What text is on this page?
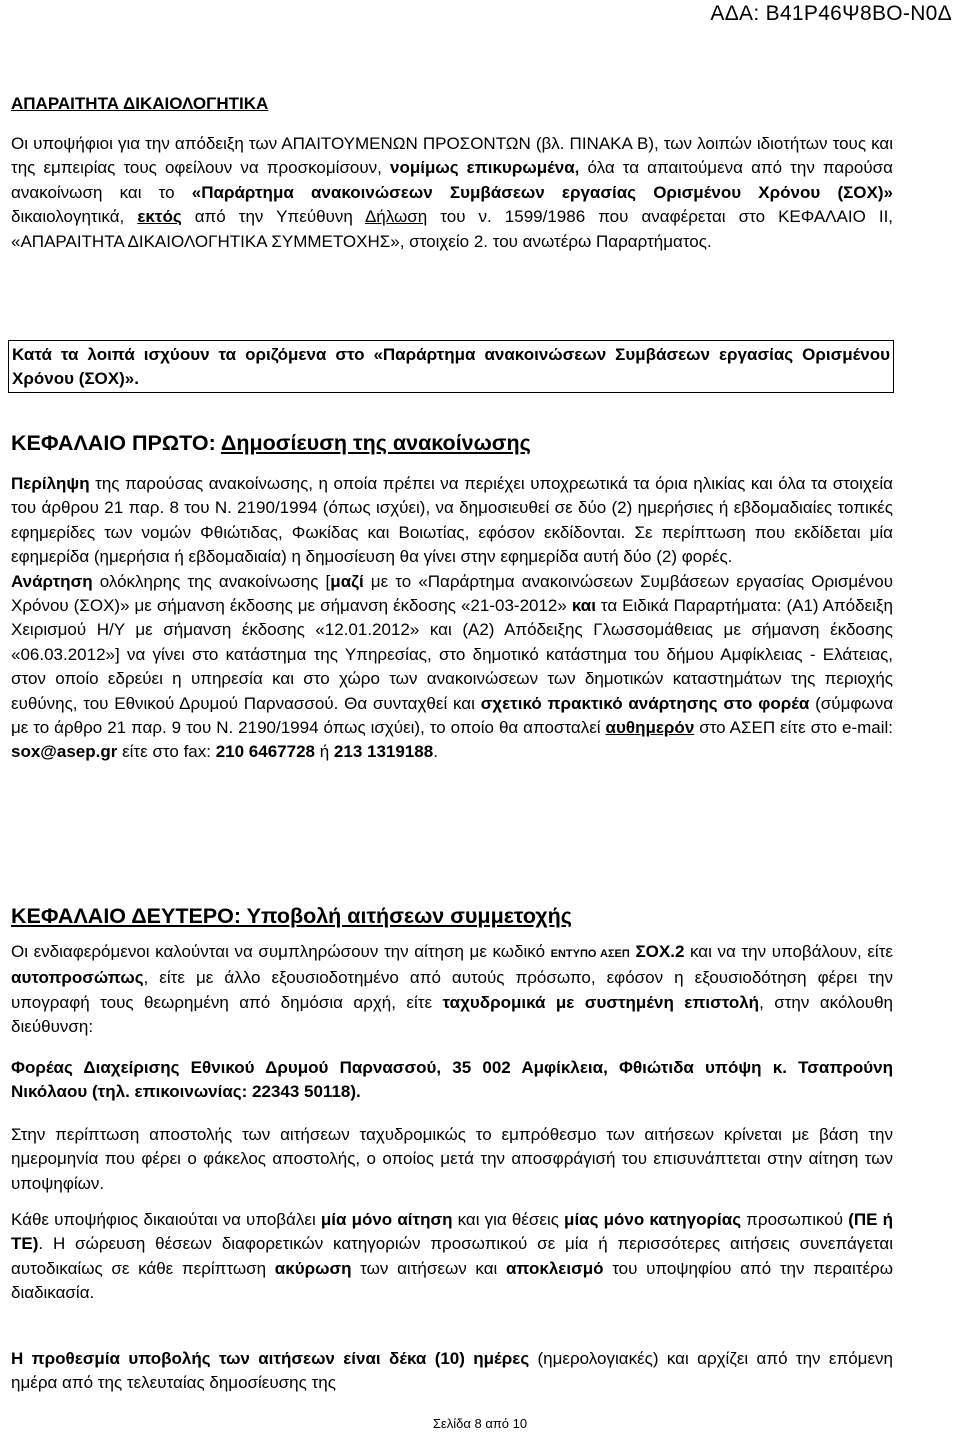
ΑΔΑ: Β41Ρ46Ψ8ΒΟ-Ν0Δ
ΑΠΑΡΑΙΤΗΤΑ ΔΙΚΑΙΟΛΟΓΗΤΙΚΑ

Οι υποψήφιοι για την απόδειξη των ΑΠΑΙΤΟΥΜΕΝΩΝ ΠΡΟΣΟΝΤΩΝ (βλ. ΠΙΝΑΚΑ Β), των λοιπών ιδιοτήτων τους και της εμπειρίας τους οφείλουν να προσκομίσουν, νομίμως επικυρωμένα, όλα τα απαιτούμενα από την παρούσα ανακοίνωση και το «Παράρτημα ανακοινώσεων Συμβάσεων εργασίας Ορισμένου Χρόνου (ΣΟΧ)» δικαιολογητικά, εκτός από την Υπεύθυνη Δήλωση του ν. 1599/1986 που αναφέρεται στο ΚΕΦΑΛΑΙΟ ΙΙ, «ΑΠΑΡΑΙΤΗΤΑ ΔΙΚΑΙΟΛΟΓΗΤΙΚΑ ΣΥΜΜΕΤΟΧΗΣ», στοιχείο 2. του ανωτέρω Παραρτήματος.

Κατά τα λοιπά ισχύουν τα οριζόμενα στο «Παράρτημα ανακοινώσεων Συμβάσεων εργασίας Ορισμένου Χρόνου (ΣΟΧ)».

ΚΕΦΑΛΑΙΟ ΠΡΩΤΟ: Δημοσίευση της ανακοίνωσης

Περίληψη της παρούσας ανακοίνωσης, η οποία πρέπει να περιέχει υποχρεωτικά τα όρια ηλικίας και όλα τα στοιχεία του άρθρου 21 παρ. 8 του Ν. 2190/1994 (όπως ισχύει), να δημοσιευθεί σε δύο (2) ημερήσιες ή εβδομαδιαίες τοπικές εφημερίδες των νομών Φθιώτιδας, Φωκίδας και Βοιωτίας, εφόσον εκδίδονται. Σε περίπτωση που εκδίδεται μία εφημερίδα (ημερήσια ή εβδομαδιαία) η δημοσίευση θα γίνει στην εφημερίδα αυτή δύο (2) φορές.
Ανάρτηση ολόκληρης της ανακοίνωσης [μαζί με το «Παράρτημα ανακοινώσεων Συμβάσεων εργασίας Ορισμένου Χρόνου (ΣΟΧ)» με σήμανση έκδοσης με σήμανση έκδοσης «21-03-2012» και τα Ειδικά Παραρτήματα: (Α1) Απόδειξη Χειρισμού Η/Υ με σήμανση έκδοσης «12.01.2012» και (Α2) Απόδειξης Γλωσσομάθειας με σήμανση έκδοσης «06.03.2012»] να γίνει στο κατάστημα της Υπηρεσίας, στο δημοτικό κατάστημα του δήμου Αμφίκλειας - Ελάτειας, στον οποίο εδρεύει η υπηρεσία και στο χώρο των ανακοινώσεων των δημοτικών καταστημάτων της περιοχής ευθύνης, του Εθνικού Δρυμού Παρνασσού. Θα συνταχθεί και σχετικό πρακτικό ανάρτησης στο φορέα (σύμφωνα με το άρθρο 21 παρ. 9 του Ν. 2190/1994 όπως ισχύει), το οποίο θα αποσταλεί αυθημερόν στο ΑΣΕΠ είτε στο e-mail: sox@asep.gr είτε στο fax: 210 6467728 ή 213 1319188.

ΚΕΦΑΛΑΙΟ ΔΕΥΤΕΡΟ: Υποβολή αιτήσεων συμμετοχής

Οι ενδιαφερόμενοι καλούνται να συμπληρώσουν την αίτηση με κωδικό ΕΝΤΥΠΟ ΑΣΕΠ ΣΟΧ.2 και να την υποβάλουν, είτε αυτοπροσώπως, είτε με άλλο εξουσιοδοτημένο από αυτούς πρόσωπο, εφόσον η εξουσιοδότηση φέρει την υπογραφή τους θεωρημένη από δημόσια αρχή, είτε ταχυδρομικά με συστημένη επιστολή, στην ακόλουθη διεύθυνση:

Φορέας Διαχείρισης Εθνικού Δρυμού Παρνασσού, 35 002 Αμφίκλεια, Φθιώτιδα υπόψη κ. Τσαπρούνη Νικόλαου (τηλ. επικοινωνίας: 22343 50118).

Στην περίπτωση αποστολής των αιτήσεων ταχυδρομικώς το εμπρόθεσμο των αιτήσεων κρίνεται με βάση την ημερομηνία που φέρει ο φάκελος αποστολής, ο οποίος μετά την αποσφράγισή του επισυνάπτεται στην αίτηση των υποψηφίων.

Κάθε υποψήφιος δικαιούται να υποβάλει μία μόνο αίτηση και για θέσεις μίας μόνο κατηγορίας προσωπικού (ΠΕ ή ΤΕ). Η σώρευση θέσεων διαφορετικών κατηγοριών προσωπικού σε μία ή περισσότερες αιτήσεις συνεπάγεται αυτοδικαίως σε κάθε περίπτωση ακύρωση των αιτήσεων και αποκλεισμό του υποψηφίου από την περαιτέρω διαδικασία.

Η προθεσμία υποβολής των αιτήσεων είναι δέκα (10) ημέρες (ημερολογιακές) και αρχίζει από την επόμενη ημέρα από της τελευταίας δημοσίευσης της

Σελίδα 8 από 10
